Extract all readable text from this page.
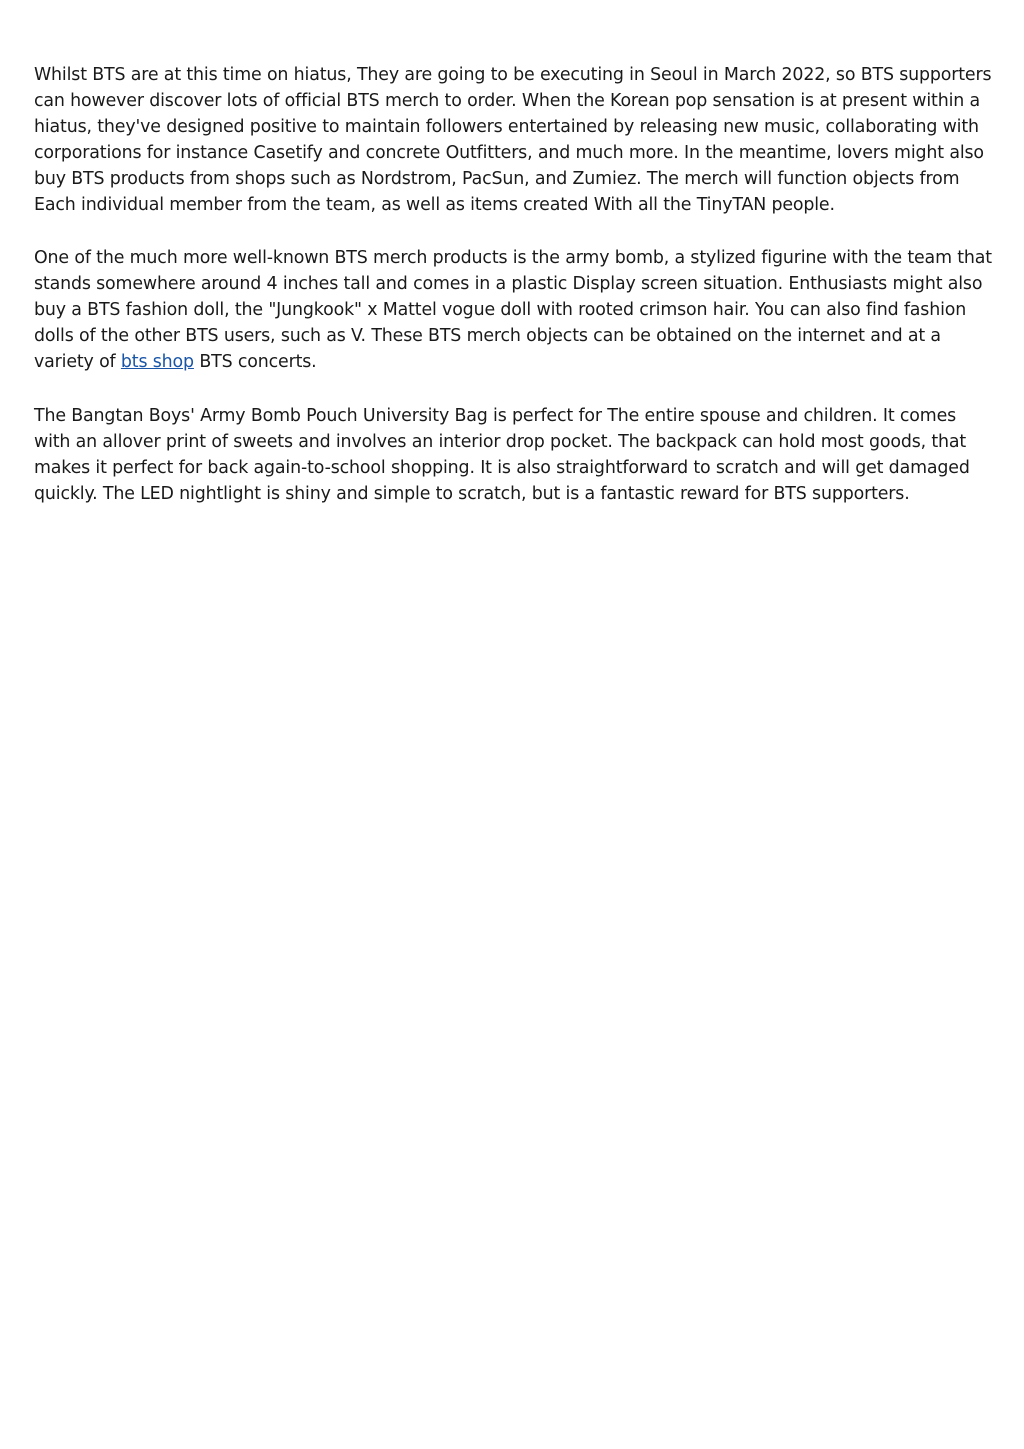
Whilst BTS are at this time on hiatus, They are going to be executing in Seoul in March 2022, so BTS supporters can however discover lots of official BTS merch to order. When the Korean pop sensation is at present within a hiatus, they've designed positive to maintain followers entertained by releasing new music, collaborating with corporations for instance Casetify and concrete Outfitters, and much more. In the meantime, lovers might also buy BTS products from shops such as Nordstrom, PacSun, and Zumiez. The merch will function objects from Each individual member from the team, as well as items created With all the TinyTAN people.

One of the much more well-known BTS merch products is the army bomb, a stylized figurine with the team that stands somewhere around 4 inches tall and comes in a plastic Display screen situation. Enthusiasts might also buy a BTS fashion doll, the "Jungkook" x Mattel vogue doll with rooted crimson hair. You can also find fashion dolls of the other BTS users, such as V. These BTS merch objects can be obtained on the internet and at a variety of bts shop BTS concerts.

The Bangtan Boys' Army Bomb Pouch University Bag is perfect for The entire spouse and children. It comes with an allover print of sweets and involves an interior drop pocket. The backpack can hold most goods, that makes it perfect for back again-to-school shopping. It is also straightforward to scratch and will get damaged quickly. The LED nightlight is shiny and simple to scratch, but is a fantastic reward for BTS supporters.
